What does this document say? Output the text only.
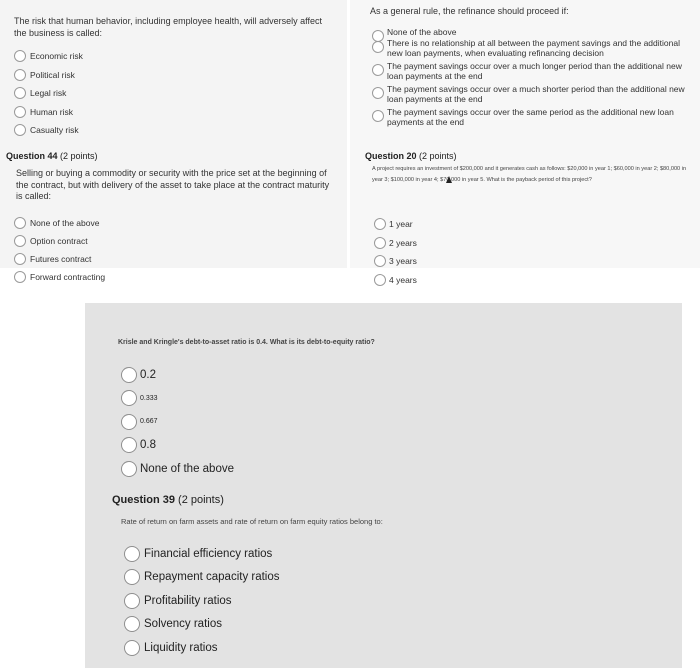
The risk that human behavior, including employee health, will adversely affect the business is called:
Economic risk
Political risk
Legal risk
Human risk
Casualty risk
Question 44 (2 points)
Selling or buying a commodity or security with the price set at the beginning of the contract, but with delivery of the asset to take place at the contract maturity is called:
None of the above
Option contract
Futures contract
Forward contracting
As a general rule, the refinance should proceed if:
None of the above
There is no relationship at all between the payment savings and the additional new loan payments, when evaluating refinancing decision
The payment savings occur over a much longer period than the additional new loan payments at the end
The payment savings occur over a much shorter period than the additional new loan payments at the end
The payment savings occur over the same period as the additional new loan payments at the end
Question 20 (2 points)
A project requires an investment of $200,000 and it generates cash as follows: $20,000 in year 1; $60,000 in year 2; $80,000 in year 3; $100,000 in year 4; $70,000 in year 5. What is the payback period of this project?
1 year
2 years
3 years
4 years
Krisle and Kringle's debt-to-asset ratio is 0.4. What is its debt-to-equity ratio?
0.2
0.333
0.667
0.8
None of the above
Question 39 (2 points)
Rate of return on farm assets and rate of return on farm equity ratios belong to:
Financial efficiency ratios
Repayment capacity ratios
Profitability ratios
Solvency ratios
Liquidity ratios
